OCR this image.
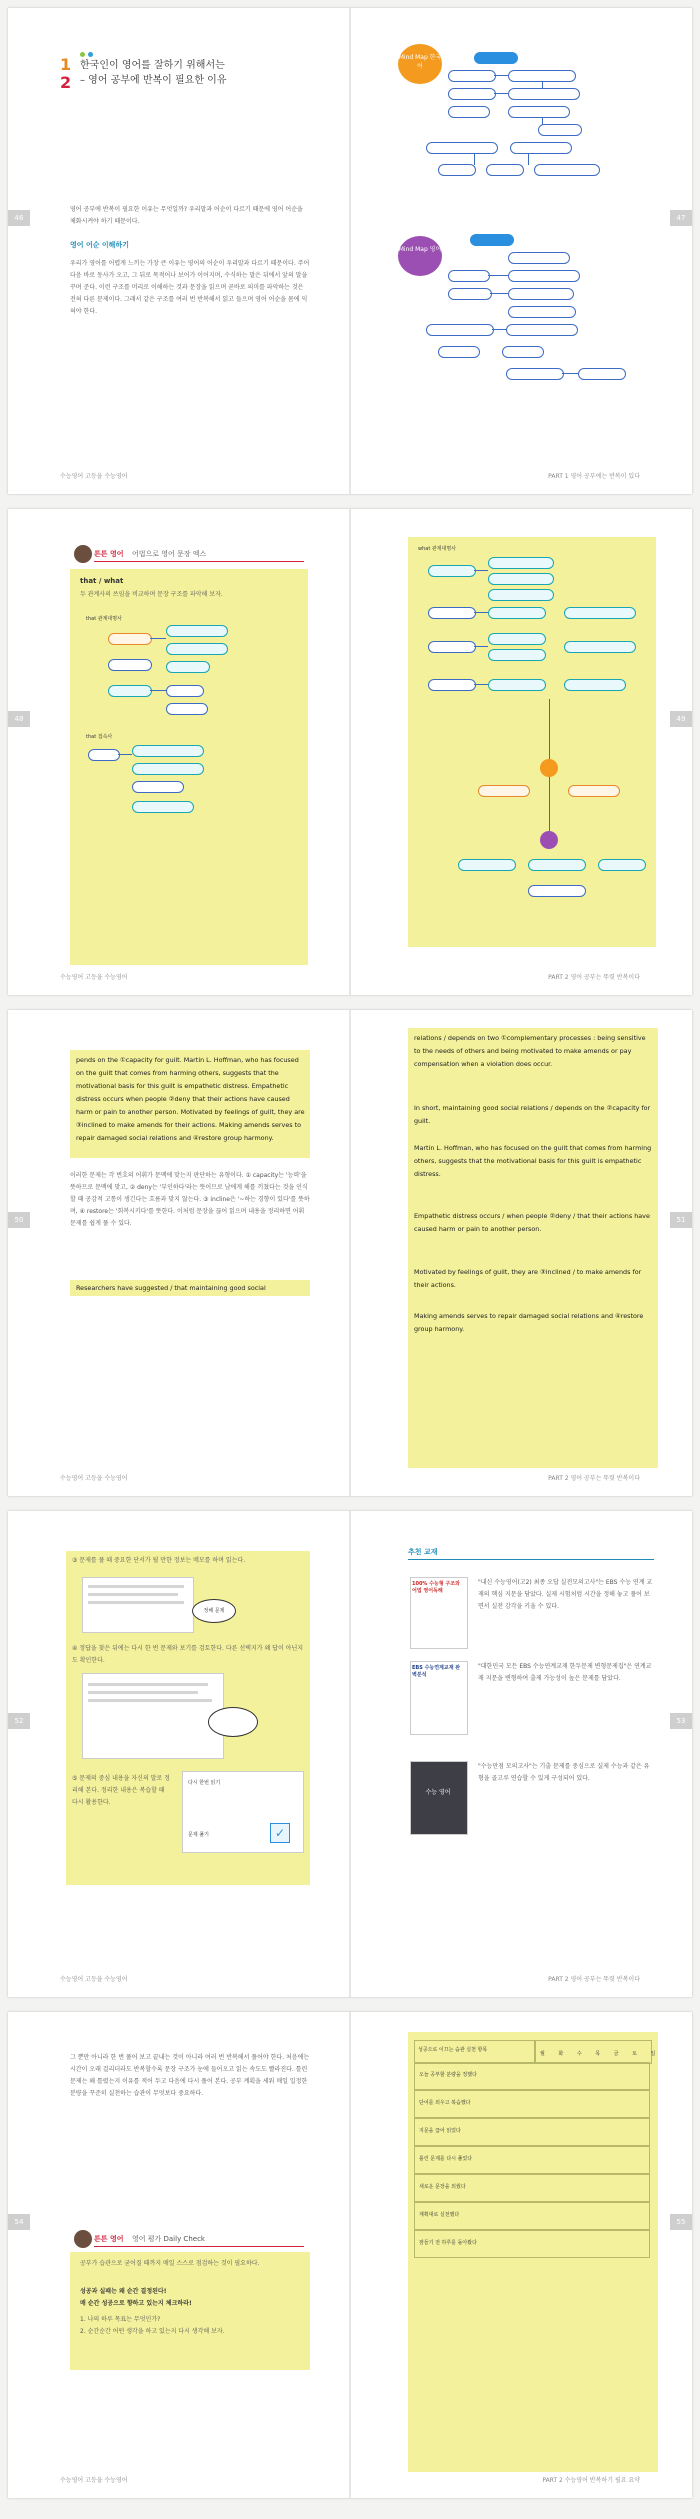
46	47
1
2
한국인이 영어를 잘하기 위해서는
– 영어 공부에 반복이 필요한 이유
영어 공부에 반복이 필요한 이유는 무엇일까? 우리말과 어순이 다르기 때문에 영어 어순을 체화시켜야 하기 때문이다.
영어 어순 이해하기
우리가 영어를 어렵게 느끼는 가장 큰 이유는 영어의 어순이 우리말과 다르기 때문이다. 주어 다음 바로 동사가 오고, 그 뒤로 목적어나 보어가 이어지며, 수식하는 말은 뒤에서 앞의 말을 꾸며 준다. 이런 구조를 머리로 이해하는 것과 문장을 읽으며 곧바로 의미를 파악하는 것은 전혀 다른 문제이다. 그래서 같은 구조를 여러 번 반복해서 읽고 들으며 영어 어순을 몸에 익혀야 한다.
Mind Map 한국어
Mind Map 영어
수능영어 고등을 수능영어	PART 1 영어 공부에는 반복이 있다
48	49
튼튼 영어 어법으로 영어 문장 엑스
that / what
두 관계사의 쓰임을 비교하며 문장 구조를 파악해 보자.
that 관계대명사
that 접속사
what 관계대명사
수능영어 고등을 수능영어	PART 2 영어 공부는 뚜렷 반복이다
50	51
pends on the ①capacity for guilt. Martin L. Hoffman, who has focused on the guilt that comes from harming others, suggests that the motivational basis for this guilt is empathetic distress. Empathetic distress occurs when people ②deny that their actions have caused harm or pain to another person. Motivated by feelings of guilt, they are ③inclined to make amends for their actions. Making amends serves to repair damaged social relations and ④restore group harmony.
이러한 문제는 각 번호의 어휘가 문맥에 맞는지 판단하는 유형이다. ① capacity는 '능력'을 뜻하므로 문맥에 맞고, ② deny는 '부인하다'라는 뜻이므로 남에게 해를 끼쳤다는 것을 인식할 때 공감적 고통이 생긴다는 흐름과 맞지 않는다. ③ incline은 '~하는 경향이 있다'를 뜻하며, ④ restore는 '회복시키다'를 뜻한다. 이처럼 문장을 끊어 읽으며 내용을 정리하면 어휘 문제를 쉽게 풀 수 있다.
Researchers have suggested / that maintaining good social
relations / depends on two ①complementary processes : being sensitive to the needs of others and being motivated to make amends or pay compensation when a violation does occur.
In short, maintaining good social relations / depends on the ②capacity for guilt.
Martin L. Hoffman, who has focused on the guilt that comes from harming others, suggests that the motivational basis for this guilt is empathetic distress.
Empathetic distress occurs / when people ②deny / that their actions have caused harm or pain to another person.
Motivated by feelings of guilt, they are ③inclined / to make amends for their actions.
Making amends serves to repair damaged social relations and ④restore group harmony.
수능영어 고등을 수능영어	PART 2 영어 공부는 뚜렷 반복이다
52	53
③ 문제를 풀 때 중요한 단서가 될 만한 정보는 메모를 하며 읽는다.
정해 문제
④ 정답을 찾은 뒤에는 다시 한 번 문제와 보기를 검토한다. 다른 선택지가 왜 답이 아닌지도 확인한다.
⑤ 문제의 중심 내용을 자신의 말로 정리해 본다. 정리한 내용은 복습할 때 다시 활용한다.
다시 한번 읽기
문제 풀기	✓
추천 교재
100% 수능형 구조와 어법 영어독해
"내신 수능영어(고2) 최종 오답 실전모의고사"는 EBS 수능 연계 교재의 핵심 지문을 담았다. 실제 시험처럼 시간을 정해 놓고 풀어 보면서 실전 감각을 키울 수 있다.
EBS 수능연계교재 완벽분석
"대한민국 모든 EBS 수능연계교재 한두문제 변형문제집"은 연계교재 지문을 변형하여 출제 가능성이 높은 문제를 담았다.
수능 영어
"수능만점 모의고사"는 기출 문제를 중심으로 실제 수능과 같은 유형을 골고루 연습할 수 있게 구성되어 있다.
수능영어 고등을 수능영어	PART 2 영어 공부는 뚜렷 반복이다
54	55
그 뿐만 아니라 한 번 풀어 보고 끝내는 것이 아니라 여러 번 반복해서 풀어야 한다. 처음에는 시간이 오래 걸리더라도 반복할수록 문장 구조가 눈에 들어오고 읽는 속도도 빨라진다. 틀린 문제는 왜 틀렸는지 이유를 적어 두고 다음에 다시 풀어 본다. 공부 계획을 세워 매일 일정한 분량을 꾸준히 실천하는 습관이 무엇보다 중요하다.
튼튼 영어 영어 평가 Daily Check
공부가 습관으로 굳어질 때까지 매일 스스로 점검하는 것이 필요하다.
성공과 실패는 왜 순간 결정된다!
매 순간 성공으로 향하고 있는지 체크하라!
1. 나의 하루 목표는 무엇인가?
2. 순간순간 어떤 생각을 하고 있는지 다시 생각해 보자.
성공으로 이끄는 습관 실천 항목
월 화 수 목 금 토 일
오늘 공부할 분량을 정했다
단어를 외우고 복습했다
지문을 끊어 읽었다
틀린 문제를 다시 풀었다
새로운 문장을 외웠다
계획대로 실천했다
잠들기 전 하루를 돌아봤다
수능영어 고등을 수능영어	PART 2 수능영어 반복하기 필요 요약
